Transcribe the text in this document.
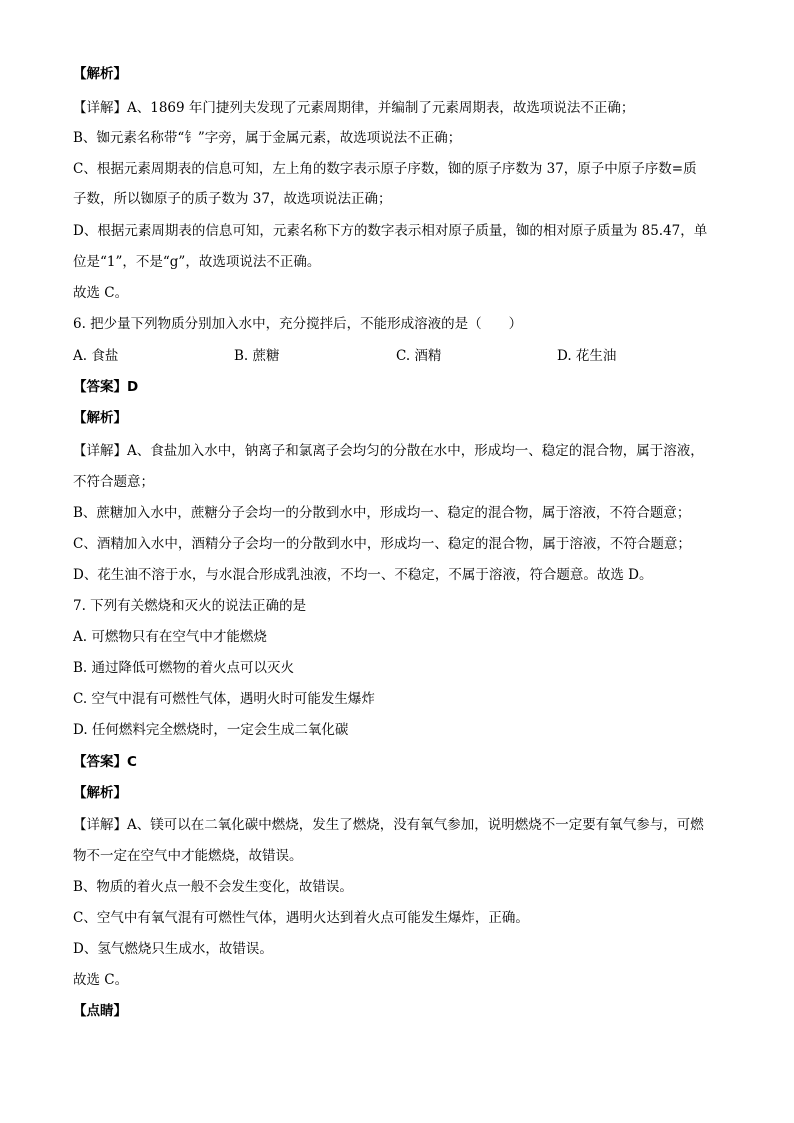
【解析】
【详解】A、1869 年门捷列夫发现了元素周期律，并编制了元素周期表，故选项说法不正确；
B、铷元素名称带“钅”字旁，属于金属元素，故选项说法不正确；
C、根据元素周期表的信息可知，左上角的数字表示原子序数，铷的原子序数为 37，原子中原子序数=质
子数，所以铷原子的质子数为 37，故选项说法正确；
D、根据元素周期表的信息可知，元素名称下方的数字表示相对原子质量，铷的相对原子质量为 85.47，单
位是“1”，不是“g”，故选项说法不正确。
故选 C。
6. 把少量下列物质分别加入水中，充分搅拌后，不能形成溶液的是（　　）
A. 食盐	B. 蔗糖	C. 酒精	D. 花生油
【答案】D
【解析】
【详解】A、食盐加入水中，钠离子和氯离子会均匀的分散在水中，形成均一、稳定的混合物，属于溶液，
不符合题意；
B、蔗糖加入水中，蔗糖分子会均一的分散到水中，形成均一、稳定的混合物，属于溶液，不符合题意；
C、酒精加入水中，酒精分子会均一的分散到水中，形成均一、稳定的混合物，属于溶液，不符合题意；
D、花生油不溶于水，与水混合形成乳浊液，不均一、不稳定，不属于溶液，符合题意。故选 D。
7. 下列有关燃烧和灭火的说法正确的是
A. 可燃物只有在空气中才能燃烧
B. 通过降低可燃物的着火点可以灭火
C. 空气中混有可燃性气体，遇明火时可能发生爆炸
D. 任何燃料完全燃烧时，一定会生成二氧化碳
【答案】C
【解析】
【详解】A、镁可以在二氧化碳中燃烧，发生了燃烧，没有氧气参加，说明燃烧不一定要有氧气参与，可燃
物不一定在空气中才能燃烧，故错误。
B、物质的着火点一般不会发生变化，故错误。
C、空气中有氧气混有可燃性气体，遇明火达到着火点可能发生爆炸，正确。
D、氢气燃烧只生成水，故错误。
故选 C。
【点睛】
